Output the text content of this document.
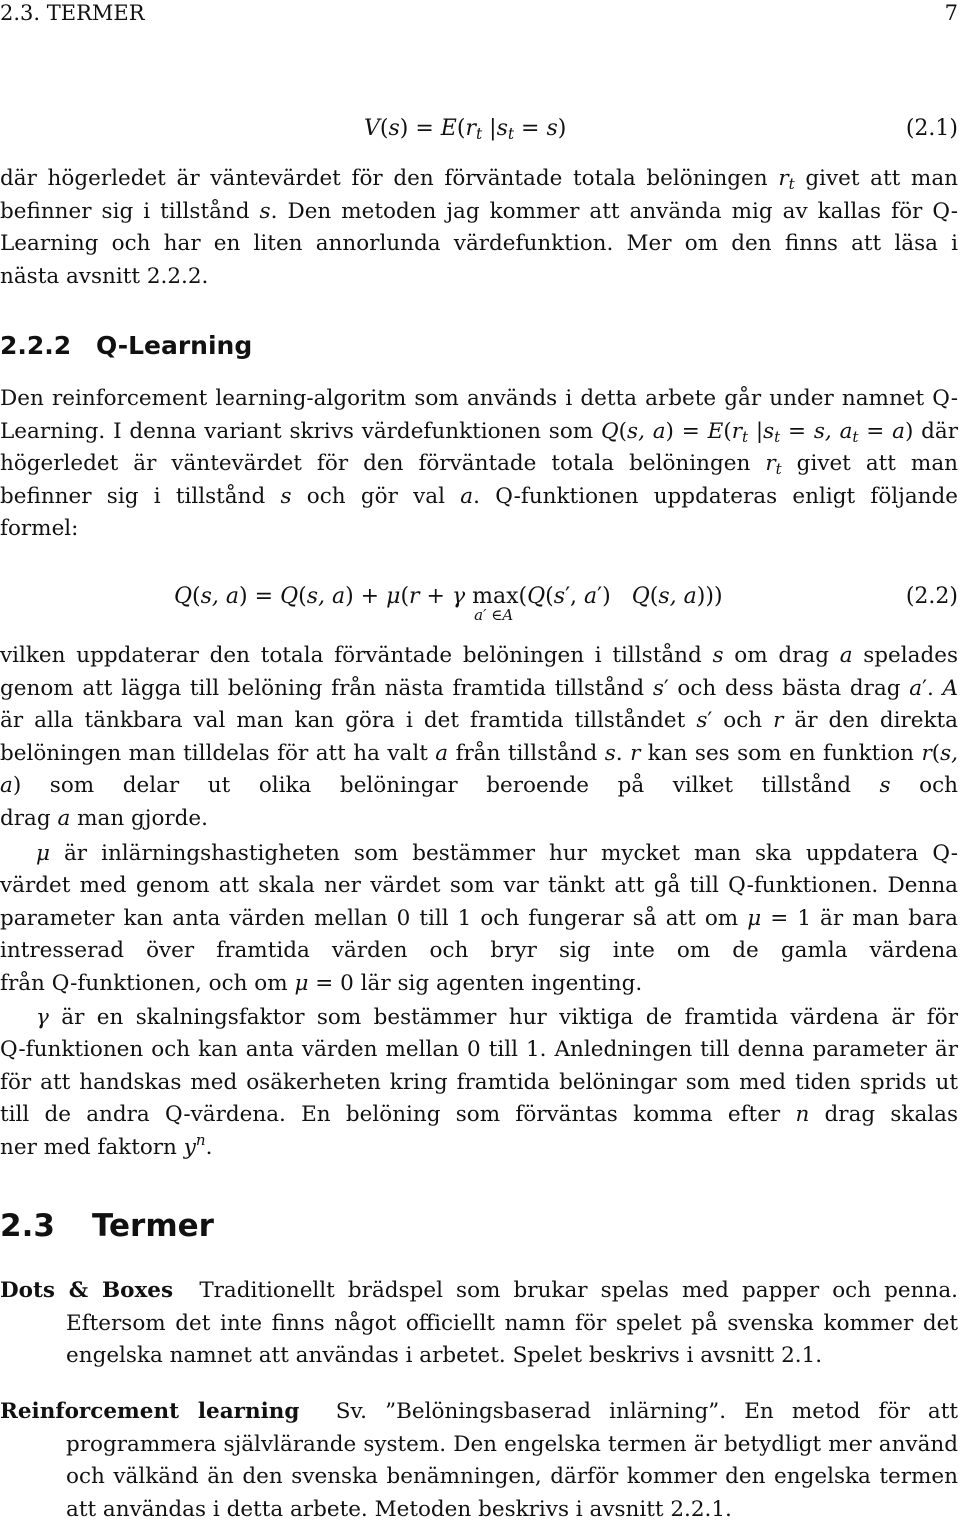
2.3. TERMER	7
$V(s) = E(r_t$ $|s_t = s$)	(2.1)
där högerledet är väntevärdet för den förväntade totala belöningen $r_t$ givet att man befinner sig i tillstånd s. Den metoden jag kommer att använda mig av kallas för Q-Learning och har en liten annorlunda värdefunktion. Mer om den finns att läsa i
nästa avsnitt 2.2.2.
2.2.2 Q-Learning
Den reinforcement learning-algoritm som används i detta arbete går under namnet Q-Learning. I denna variant skrivs värdefunktionen som Q(s, $a) = E(r_t$ $|s_t = s$, $a_t = a$) där högerledet är väntevärdet för den förväntade totala belöningen $r_t$ givet att man befinner sig i tillstånd s och gör val a. Q-funktionen uppdateras enligt följande
formel:
Q(s, a) = Q(s, a) + μ(r + γ max
a′ ∈A
(Q(s′, a′)   Q(s, a)))	(2.2)
vilken uppdaterar den totala förväntade belöningen i tillstånd s om drag a spelades genom att lägga till belöning från nästa framtida tillstånd s′ och dess bästa drag a′. A är alla tänkbara val man kan göra i det framtida tillståndet s′ och r är den direkta belöningen man tilldelas för att ha valt a från tillstånd s. r kan ses som en funktion r(s, a) som delar ut olika belöningar beroende på vilket tillstånd s och
drag a man gjorde.
μ är inlärningshastigheten som bestämmer hur mycket man ska uppdatera Q-
värdet med genom att skala ner värdet som var tänkt att gå till Q-funktionen. Denna parameter kan anta värden mellan 0 till 1 och fungerar så att om μ = 1 är man bara intresserad över framtida värden och bryr sig inte om de gamla värdena
från Q-funktionen, och om μ = 0 lär sig agenten ingenting.
γ är en skalningsfaktor som bestämmer hur viktiga de framtida värdena är för
Q-funktionen och kan anta värden mellan 0 till 1. Anledningen till denna parameter är för att handskas med osäkerheten kring framtida belöningar som med tiden sprids ut till de andra Q-värdena. En belöning som förväntas komma efter n drag skalas
ner med faktorn $y^n$.
2.3 Termer
Dots & Boxes Traditionellt brädspel som brukar spelas med papper och penna. Eftersom det inte finns något officiellt namn för spelet på svenska kommer det engelska namnet att användas i arbetet. Spelet beskrivs i avsnitt 2.1.
Reinforcement learning Sv. ”Belöningsbaserad inlärning”. En metod för att programmera självlärande system. Den engelska termen är betydligt mer använd och välkänd än den svenska benämningen, därför kommer den engelska termen att användas i detta arbete. Metoden beskrivs i avsnitt 2.2.1.
